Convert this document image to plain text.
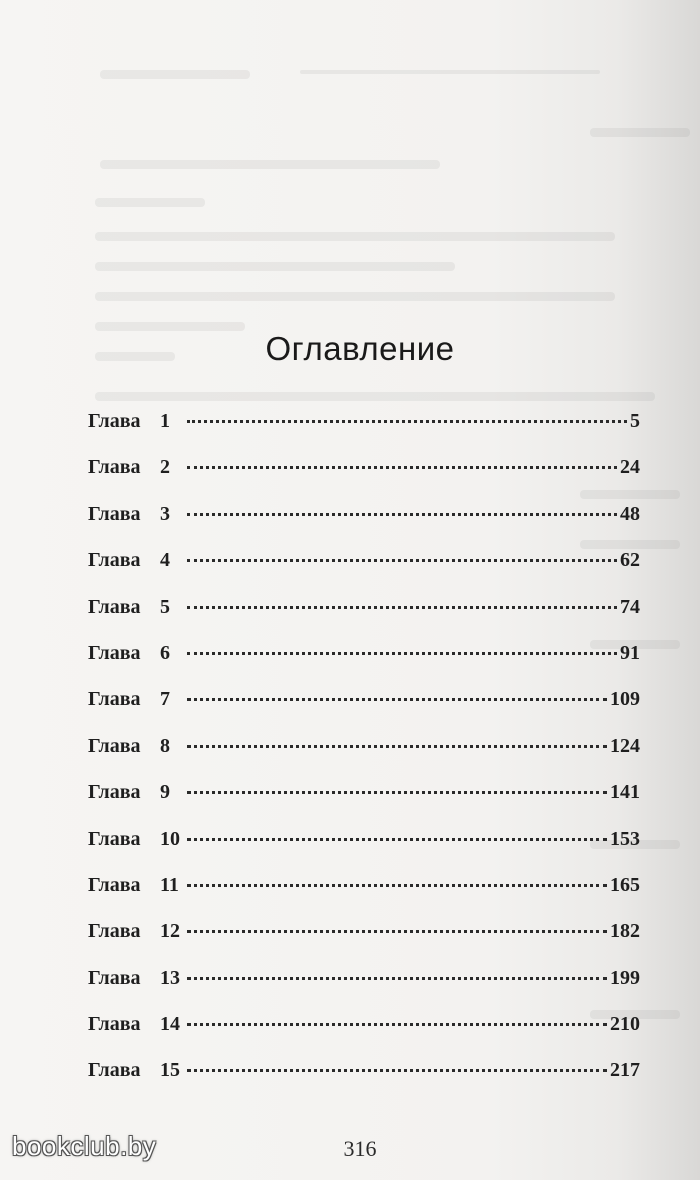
Оглавление
Глава 1	5
Глава 2	24
Глава 3	48
Глава 4	62
Глава 5	74
Глава 6	91
Глава 7	109
Глава 8	124
Глава 9	141
Глава 10	153
Глава 11	165
Глава 12	182
Глава 13	199
Глава 14	210
Глава 15	217
316
bookclub.by
